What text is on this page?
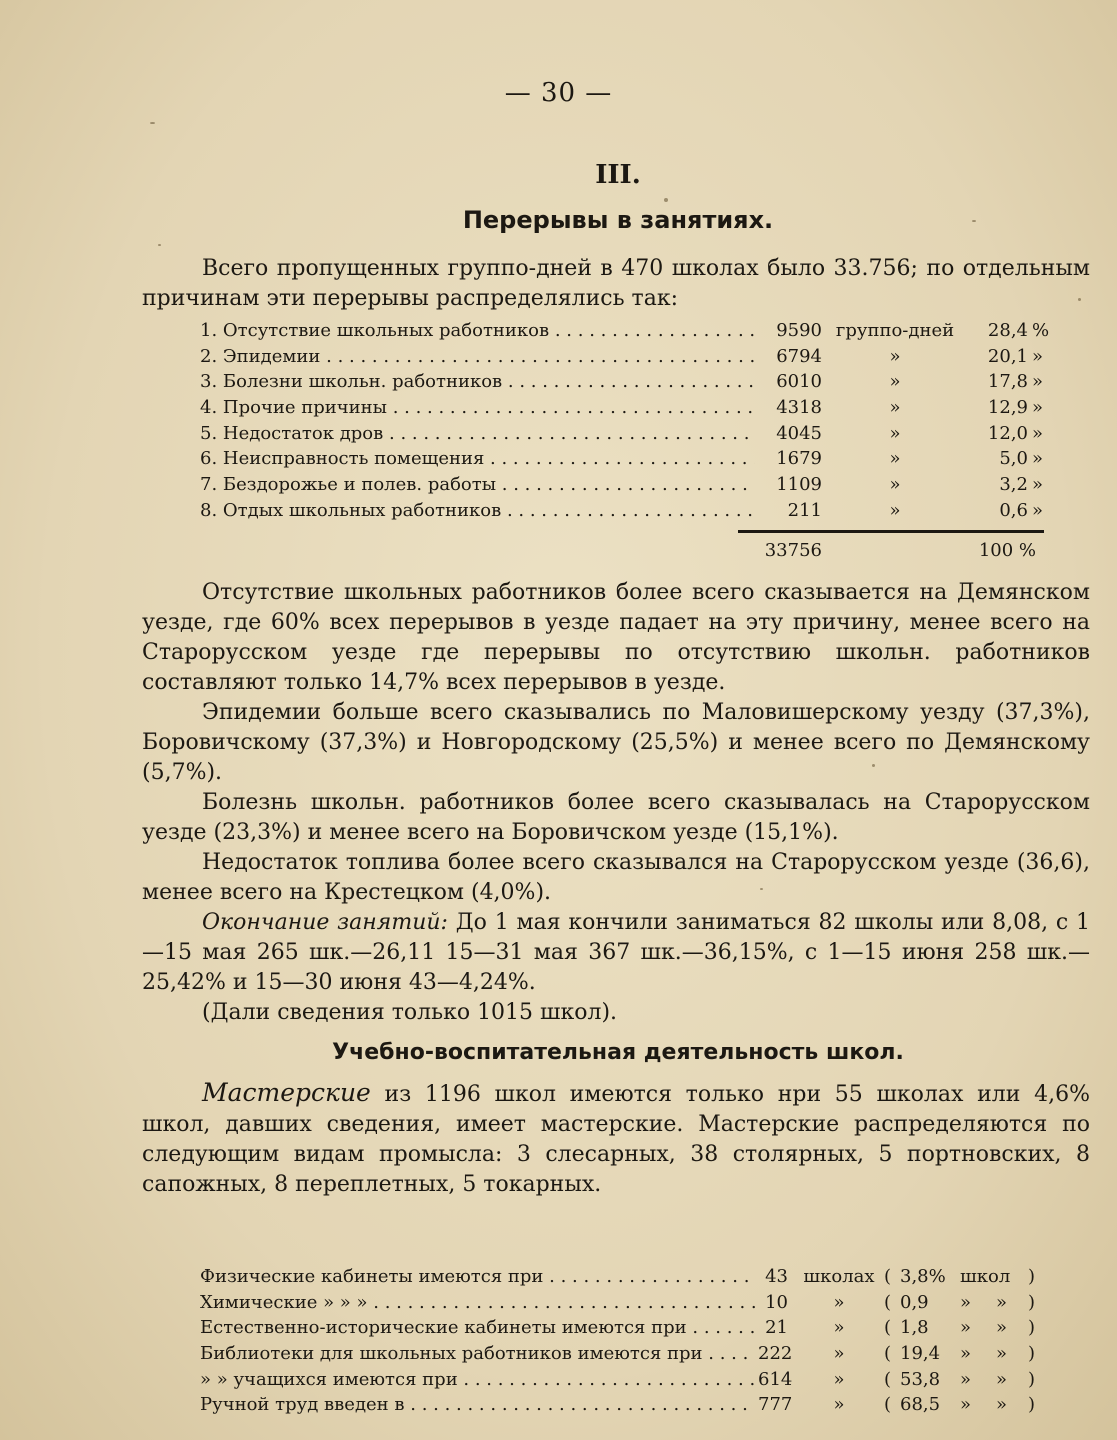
— 30 —
III.
Перерывы в занятиях.

Всего пропущенных группо-дней в 470 школах было 33.756; по отдельным причинам эти перерывы распределялись так:

1. Отсутствие школьных работников . . .	9590 группо-дней	28,4 %
2. Эпидемии . . .	6794	»	20,1 »
3. Болезни школьн. работников . . .	6010	»	17,8 »
4. Прочие причины . . .	4318	»	12,9 »
5. Недостаток дров . . .	4045	»	12,0 »
6. Неисправность помещения . . .	1679	»	5,0 »
7. Бездорожье и полев. работы . . .	1109	»	3,2 »
8. Отдых школьных работников . . .	211	»	0,6 »
33756	100 %

Отсутствие школьных работников более всего сказывается на Демянском уезде, где 60% всех перерывов в уезде падает на эту причину, менее всего на Старорусском уезде где перерывы по отсутствию школьн. работников составляют только 14,7% всех перерывов в уезде.

Эпидемии больше всего сказывались по Маловишерскому уезду (37,3%), Боровичскому (37,3%) и Новгородскому (25,5%) и менее всего по Демянскому (5,7%).

Болезнь школьн. работников более всего сказывалась на Старорусском уезде (23,3%) и менее всего на Боровичском уезде (15,1%).

Недостаток топлива более всего сказывался на Старорусском уезде (36,6), менее всего на Крестецком (4,0%).

Окончание занятий: До 1 мая кончили заниматься 82 школы или 8,08, с 1—15 мая 265 шк.—26,11 15—31 мая 367 шк.—36,15%, с 1—15 июня 258 шк.—25,42% и 15—30 июня 43—4,24%.

(Дали сведения только 1015 школ).

Учебно-воспитательная деятельность школ.

Мастерские из 1196 школ имеются только нри 55 школах или 4,6% школ, давших сведения, имеет мастерские. Мастерские распределяются по следующим видам промысла: 3 слесарных, 38 столярных, 5 портновских, 8 сапожных, 8 переплетных, 5 токарных.

Физические кабинеты имеются при . . .	43 школах ( 3,8% школ )
Химические » » » . . .	10	»	( 0,9	» » )
Естественно-исторические кабинеты имеются при . . .	21	»	( 1,8	» » )
Библиотеки для школьных работников имеются при . . .	222	»	( 19,4	» » )
» » учащихся имеются при . . .	614	»	( 53,8	» » )
Ручной труд введен в . . .	777	»	( 68,5	» » )
